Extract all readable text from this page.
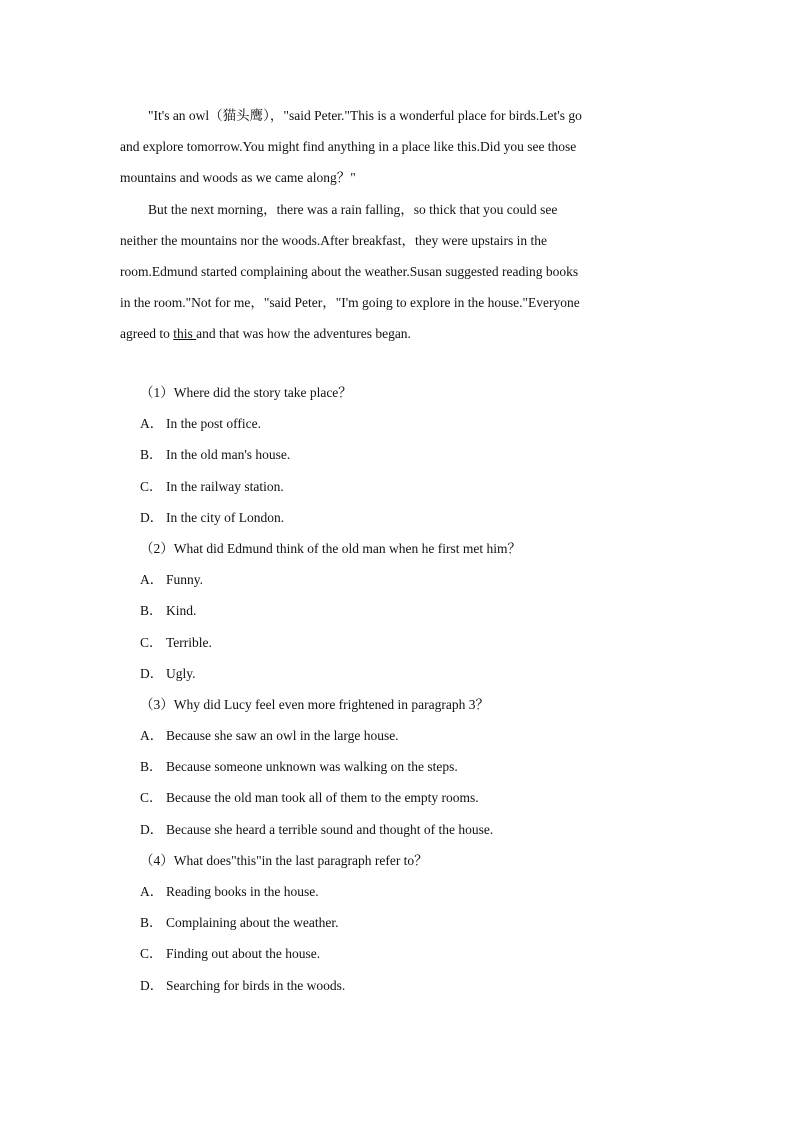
"It's an owl（猫头鹰），"said Peter."This is a wonderful place for birds.Let's go
and explore tomorrow.You might find anything in a place like this.Did you see those
mountains and woods as we came along？"
But the next morning，there was a rain falling，so thick that you could see
neither the mountains nor the woods.After breakfast，they were upstairs in the
room.Edmund started complaining about the weather.Susan suggested reading books
in the room."Not for me，"said Peter，"I'm going to explore in the house."Everyone
agreed to this and that was how the adventures began.
（1）Where did the story take place？
A． In the post office.
B． In the old man's house.
C． In the railway station.
D． In the city of London.
（2）What did Edmund think of the old man when he first met him？
A． Funny.
B． Kind.
C． Terrible.
D． Ugly.
（3）Why did Lucy feel even more frightened in paragraph 3？
A． Because she saw an owl in the large house.
B． Because someone unknown was walking on the steps.
C． Because the old man took all of them to the empty rooms.
D． Because she heard a terrible sound and thought of the house.
（4）What does"this"in the last paragraph refer to？
A． Reading books in the house.
B． Complaining about the weather.
C． Finding out about the house.
D． Searching for birds in the woods.
